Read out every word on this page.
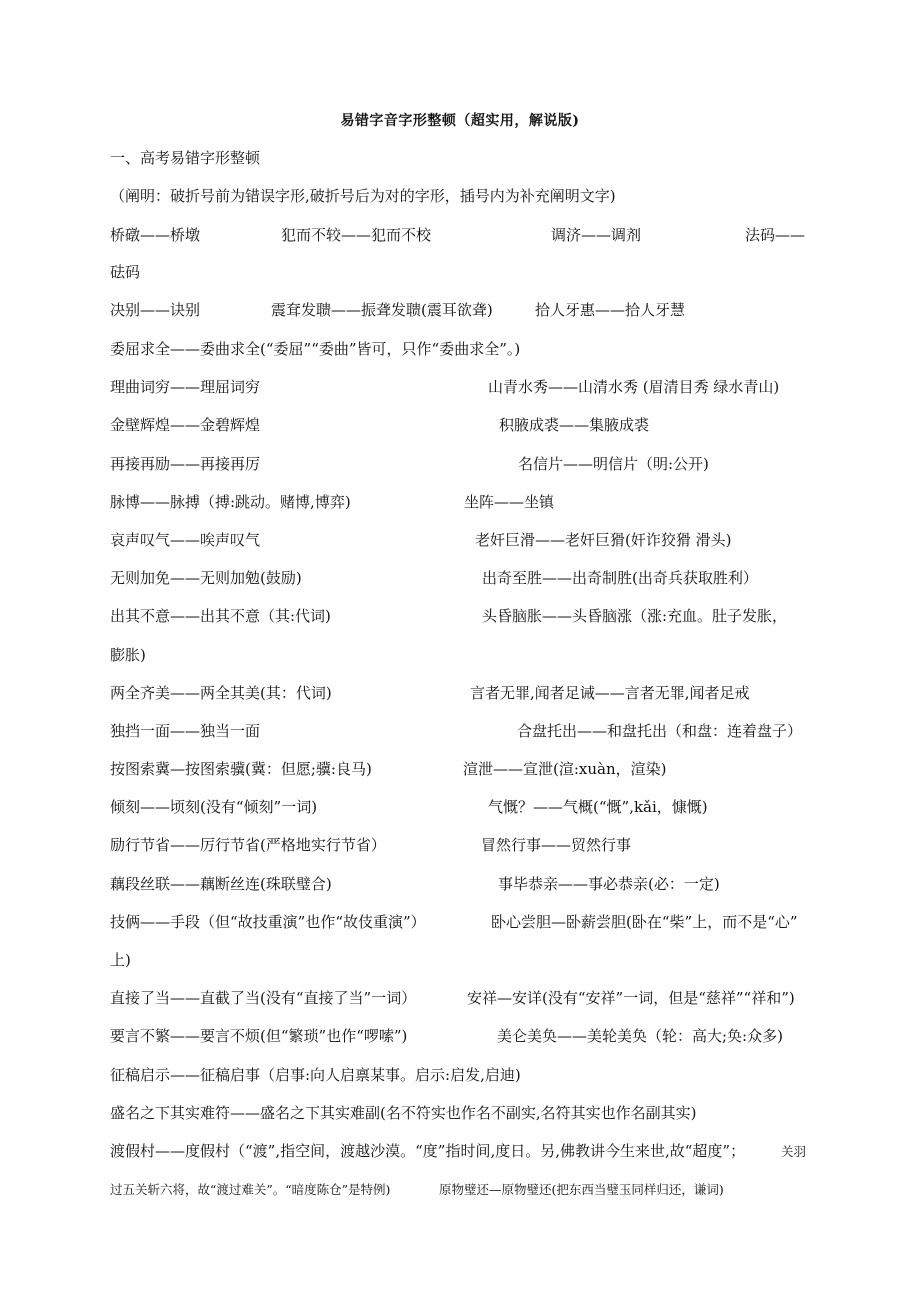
易错字音字形整顿（超实用，解说版)
一、高考易错字形整顿
（阐明：破折号前为错误字形,破折号后为对的字形，插号内为补充阐明文字)
桥礅——桥墩	犯而不较——犯而不校	调济——调剂	法码——
砝码
决别——诀别	震耷发聩——振聋发聩(震耳欲聋)	拾人牙惠——拾人牙慧
委屈求全——委曲求全(“委屈”“委曲”皆可，只作“委曲求全”。)
理曲词穷——理屈词穷	山青水秀——山清水秀 (眉清目秀 绿水青山)
金壁辉煌——金碧辉煌	积腋成裘——集腋成裘
再接再励——再接再厉	名信片——明信片（明:公开)
脉博——脉搏（搏:跳动。赌博,博弈)	坐阵——坐镇
哀声叹气——唉声叹气	老奸巨滑——老奸巨猾(奸诈狡猾 滑头)
无则加免——无则加勉(鼓励)	出奇至胜——出奇制胜(出奇兵获取胜利）
出其不意——出其不意（其:代词)	头昏脑胀——头昏脑涨（涨:充血。肚子发胀，
膨胀)
两全齐美——两全其美(其：代词)	言者无罪,闻者足诫——言者无罪,闻者足戒
独挡一面——独当一面	合盘托出——和盘托出（和盘：连着盘子）
按图索冀—按图索骥(冀：但愿;骥:良马)	渲泄——宣泄(渲:xuàn，渲染)
倾刻——顷刻(没有“倾刻”一词)	气慨？——气概(“慨”,kǎi，慷慨)
励行节省——厉行节省(严格地实行节省）	冒然行事——贸然行事
藕段丝联——藕断丝连(珠联璧合)	事毕恭亲——事必恭亲(必：一定)
技俩——手段（但“故技重演”也作“故伎重演”）	卧心尝胆—卧薪尝胆(卧在“柴”上，而不是“心”
上)
直接了当——直截了当(没有“直接了当”一词）	安祥—安详(没有“安祥”一词，但是“慈祥”“祥和”)
要言不繁——要言不烦(但“繁琐”也作“啰嗦”)	美仑美奂——美轮美奂（轮：高大;奂:众多)
征稿启示——征稿启事（启事:向人启禀某事。启示:启发,启迪)
盛名之下其实难符——盛名之下其实难副(名不符实也作名不副实,名符其实也作名副其实)
渡假村——度假村（“渡”,指空间，渡越沙漠。“度”指时间,度日。另,佛教讲今生来世,故“超度”；	关羽
过五关斩六将，故“渡过难关”。“暗度陈仓”是特例)	原物璧还—原物璧还(把东西当璧玉同样归还，谦词)
